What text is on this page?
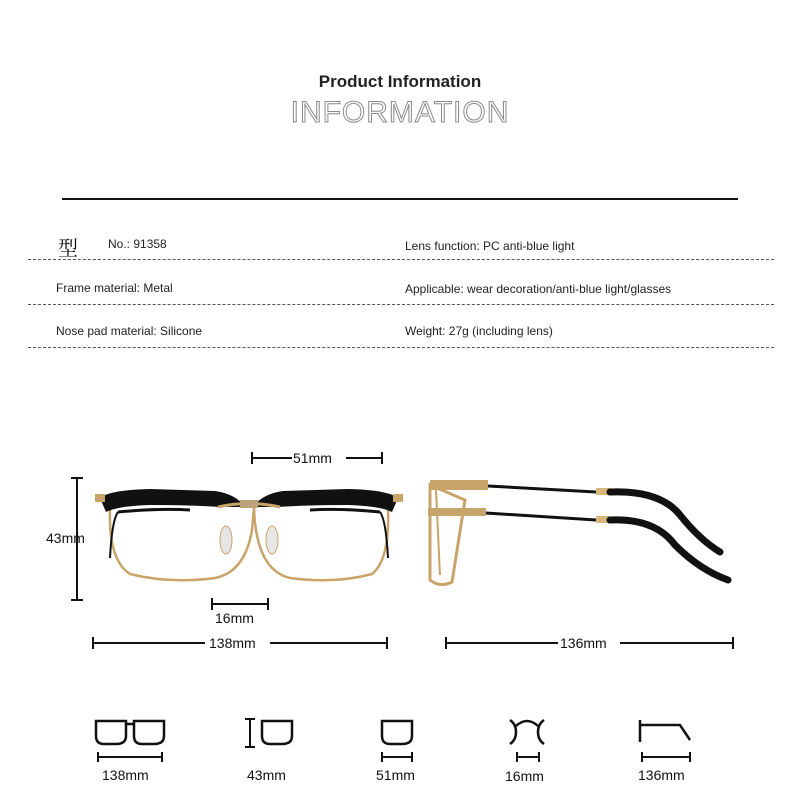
Product Information
INFORMATION
型	No.: 91358	Lens function: PC anti-blue light
Frame material: Metal	Applicable: wear decoration/anti-blue light/glasses
Nose pad material: Silicone	Weight: 27g (including lens)
51mm
43mm
16mm
138mm	136mm
138mm	43mm	51mm	16mm	136mm
